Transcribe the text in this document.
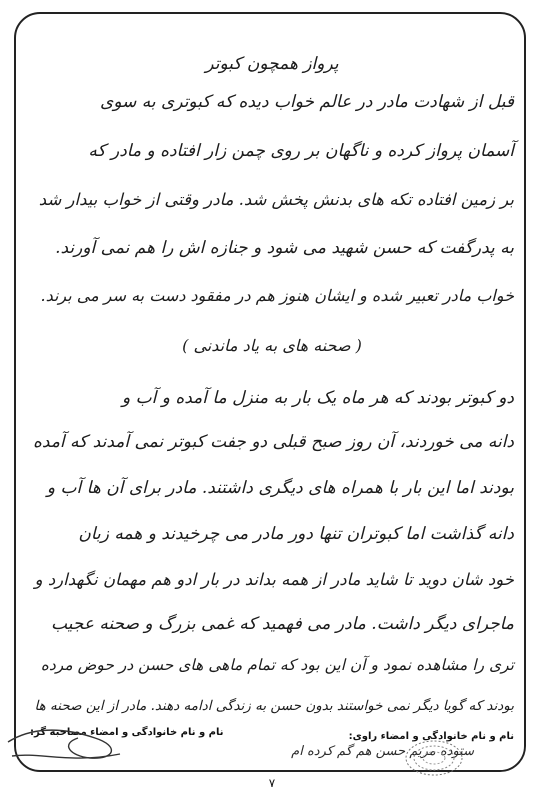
پرواز همچون کبوتر
قبل از شهادت مادر در عالم خواب دیده که کبوتری به سوی
آسمان پرواز کرده و ناگهان بر روی چمن زار افتاده و مادر که
بر زمین افتاده تکه های بدنش پخش شد. مادر وقتی از خواب بیدار شد
به پدرگفت که حسن شهید می شود و جنازه اش را هم نمی آورند.
خواب مادر تعبیر شده و ایشان هنوز هم در مفقود دست به سر می برند.
( صحنه های به یاد ماندنی )
دو کبوتر بودند که هر ماه یک بار به منزل ما آمده و آب و
دانه می خوردند، آن روز صبح قبلی دو جفت کبوتر نمی آمدند که آمده
بودند اما این بار با همراه های دیگری داشتند. مادر برای آن ها آب و
دانه گذاشت اما کبوتران تنها دور مادر می چرخیدند و همه زبان
خود شان دوید تا شاید مادر از همه بداند در بار ادو هم مهمان نگهدارد و
ماجرای دیگر داشت. مادر می فهمید که غمی بزرگ و صحنه عجیب
تری را مشاهده نمود و آن این بود که تمام ماهی های حسن در حوض مرده
بودند که گویا دیگر نمی خواستند بدون حسن به زندگی ادامه دهند. مادر از این صحنه ها
نام و نام خانوادگی و امضاء راوی:
نام و نام خانوادگی و امضاء مصاحبه گر:
ستوده مریم حسن هم گم کرده ام
۷
